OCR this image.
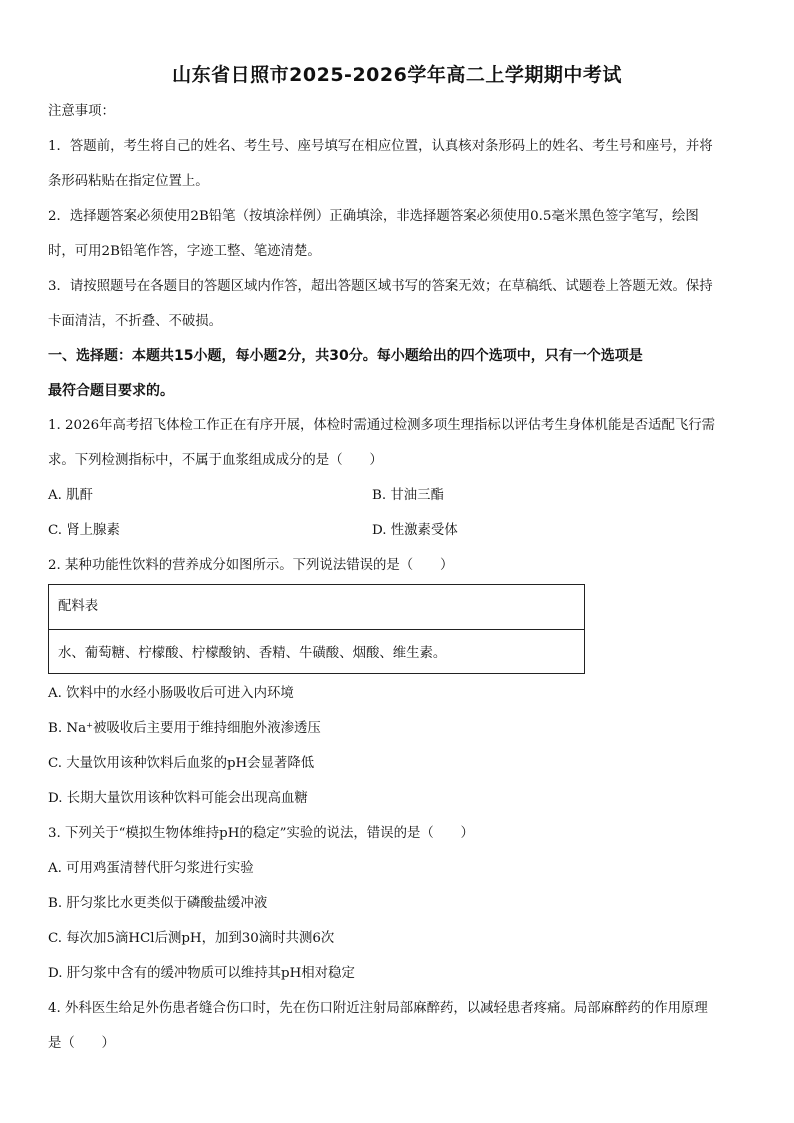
山东省日照市2025-2026学年高二上学期期中考试
注意事项：
1．答题前，考生将自己的姓名、考生号、座号填写在相应位置，认真核对条形码上的姓名、考生号和座号，并将
条形码粘贴在指定位置上。
2．选择题答案必须使用2B铅笔（按填涂样例）正确填涂，非选择题答案必须使用0.5毫米黑色签字笔写，绘图
时，可用2B铅笔作答，字迹工整、笔迹清楚。
3．请按照题号在各题目的答题区域内作答，超出答题区域书写的答案无效；在草稿纸、试题卷上答题无效。保持
卡面清洁，不折叠、不破损。
一、选择题：本题共15小题，每小题2分，共30分。每小题给出的四个选项中，只有一个选项是
最符合题目要求的。
1. 2026年高考招飞体检工作正在有序开展，体检时需通过检测多项生理指标以评估考生身体机能是否适配飞行需
求。下列检测指标中，不属于血浆组成成分的是（　　）
A. 肌酐	B. 甘油三酯
C. 肾上腺素	D. 性激素受体
2. 某种功能性饮料的营养成分如图所示。下列说法错误的是（　　）
配料表
水、葡萄糖、柠檬酸、柠檬酸钠、香精、牛磺酸、烟酸、维生素。
A. 饮料中的水经小肠吸收后可进入内环境
B. Na⁺被吸收后主要用于维持细胞外液渗透压
C. 大量饮用该种饮料后血浆的pH会显著降低
D. 长期大量饮用该种饮料可能会出现高血糖
3. 下列关于“模拟生物体维持pH的稳定”实验的说法，错误的是（　　）
A. 可用鸡蛋清替代肝匀浆进行实验
B. 肝匀浆比水更类似于磷酸盐缓冲液
C. 每次加5滴HCl后测pH，加到30滴时共测6次
D. 肝匀浆中含有的缓冲物质可以维持其pH相对稳定
4. 外科医生给足外伤患者缝合伤口时，先在伤口附近注射局部麻醉药，以减轻患者疼痛。局部麻醉药的作用原理
是（　　）
